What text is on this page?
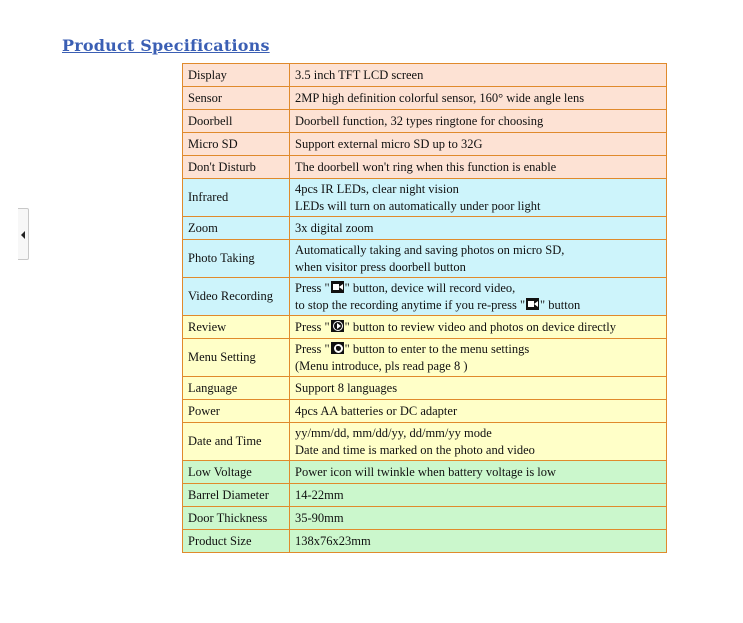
Product Specifications
Display	3.5 inch TFT LCD screen
Sensor	2MP high definition colorful sensor, 160° wide angle lens
Doorbell	Doorbell function, 32 types ringtone for choosing
Micro SD	Support external micro SD up to 32G
Don't Disturb	The doorbell won't ring when this function is enable
Infrared	4pcs IR LEDs, clear night vision
LEDs will turn on automatically under poor light

Zoom	3x digital zoom
Photo Taking	Automatically taking and saving photos on micro SD,
when visitor press doorbell button

Video Recording	Press " " button, device will record video,
to stop the recording anytime if you re-press " " button

Review	Press " " button to review video and photos on device directly
Menu Setting	Press " " button to enter to the menu settings
(Menu introduce, pls read page 8 )

Language	Support 8 languages
Power	4pcs AA batteries or DC adapter
Date and Time	yy/mm/dd, mm/dd/yy, dd/mm/yy mode
Date and time is marked on the photo and video

Low Voltage	Power icon will twinkle when battery voltage is low
Barrel Diameter	14-22mm
Door Thickness	35-90mm
Product Size	138x76x23mm
